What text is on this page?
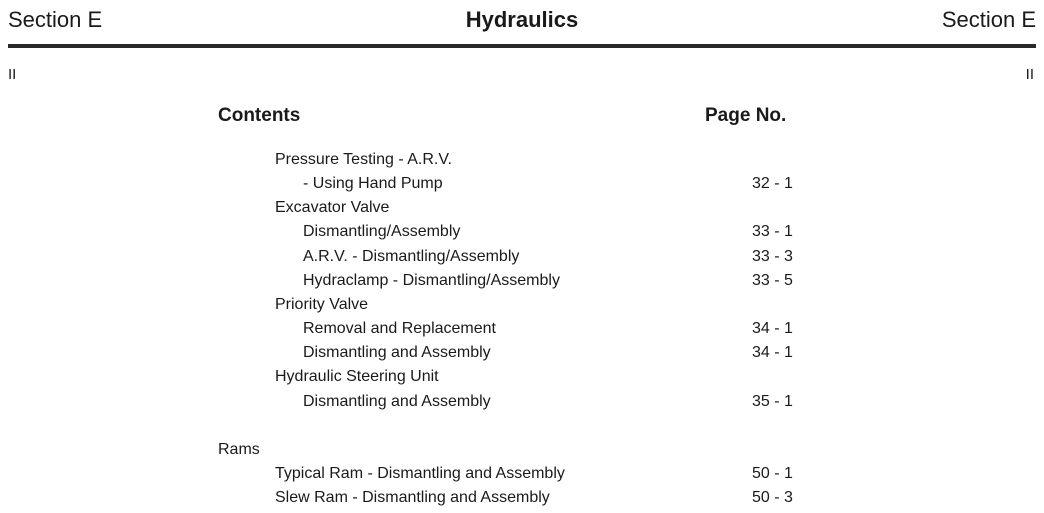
Section E	Hydraulics	Section E
II	II
Contents	Page No.
Pressure Testing - A.R.V.
- Using Hand Pump	32 - 1
Excavator Valve
Dismantling/Assembly	33 - 1
A.R.V. - Dismantling/Assembly	33 - 3
Hydraclamp - Dismantling/Assembly	33 - 5
Priority Valve
Removal and Replacement	34 - 1
Dismantling and Assembly	34 - 1
Hydraulic Steering Unit
Dismantling and Assembly	35 - 1
Rams
Typical Ram - Dismantling and Assembly	50 - 1
Slew Ram - Dismantling and Assembly	50 - 3
